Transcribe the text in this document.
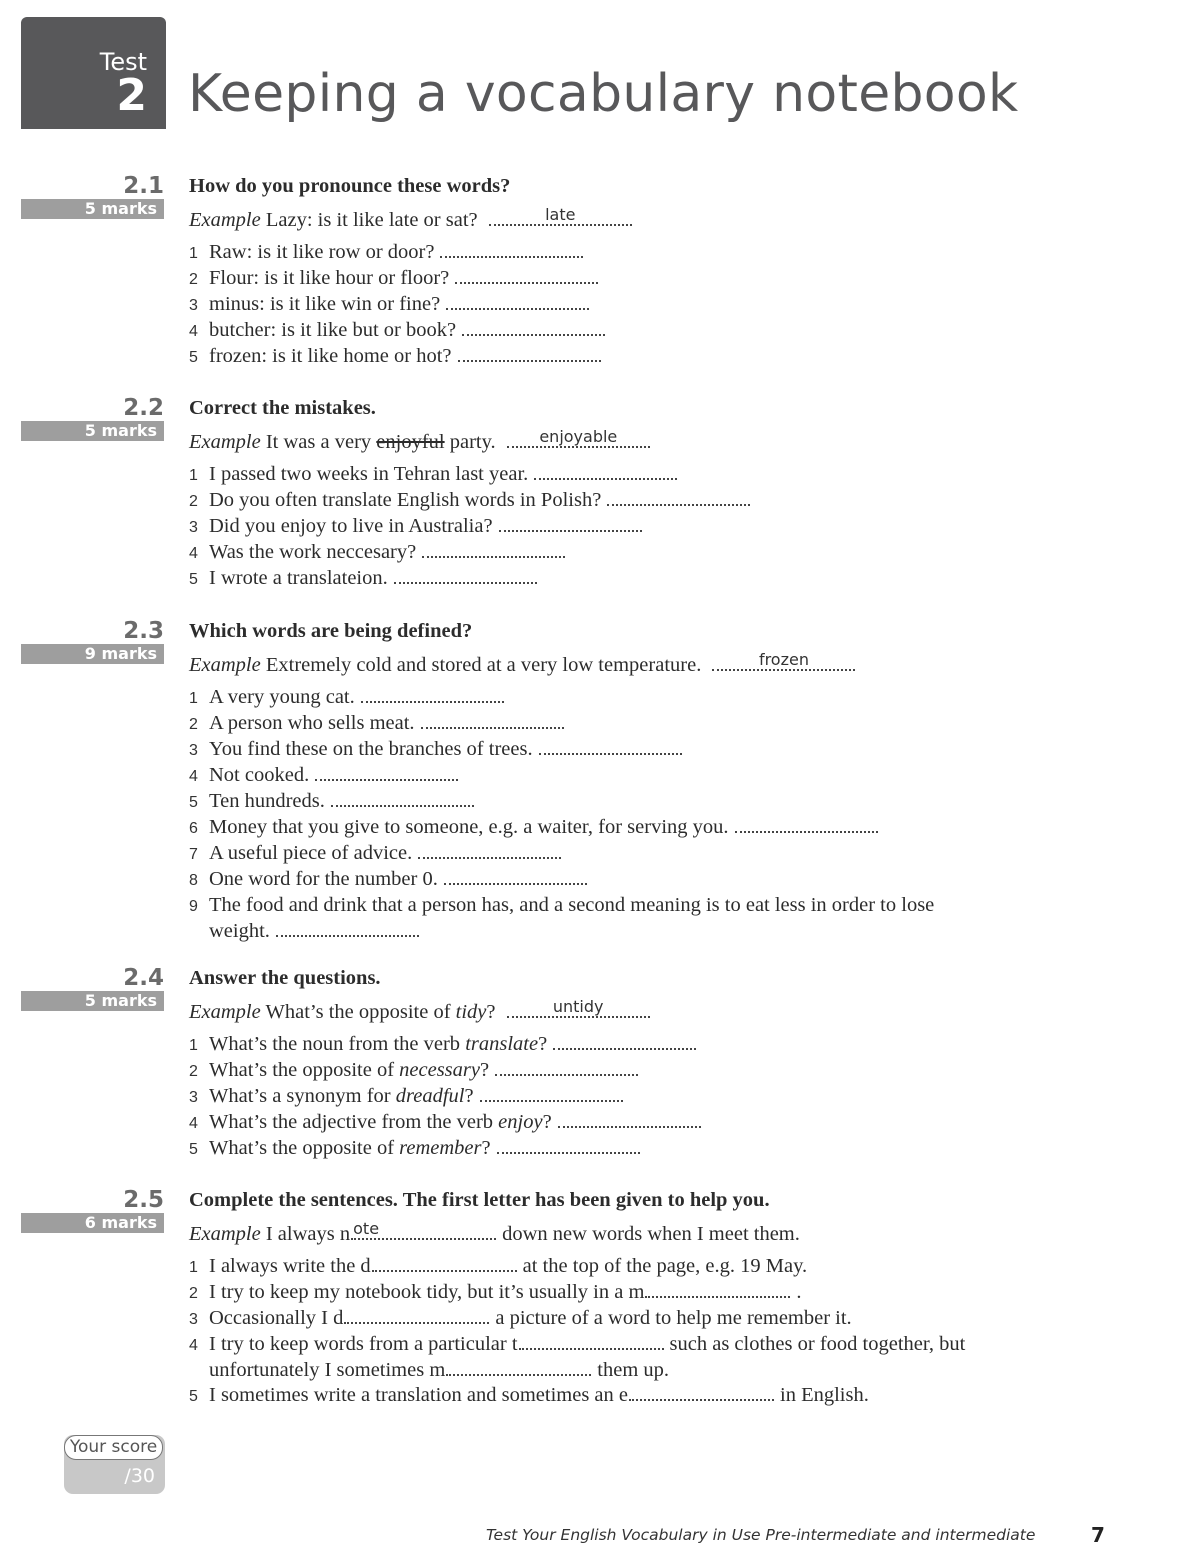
Test
2 Keeping a vocabulary notebook
2.1
5 marks

How do you pronounce these words?

Example Lazy: is it like late or sat?	late
1 Raw: is it like row or door?
2 Flour: is it like hour or floor?
3 minus: is it like win or fine?
4 butcher: is it like but or book?
5 frozen: is it like home or hot?
2.2
5 marks

Correct the mistakes.

Example It was a very enjoyful party.	enjoyable
1 I passed two weeks in Tehran last year.
2 Do you often translate English words in Polish?
3 Did you enjoy to live in Australia?
4 Was the work neccesary?
5 I wrote a translateion.
2.3
9 marks

Which words are being defined?

Example Extremely cold and stored at a very low temperature.	frozen
1 A very young cat.
2 A person who sells meat.
3 You find these on the branches of trees.
4 Not cooked.
5 Ten hundreds.
6 Money that you give to someone, e.g. a waiter, for serving you.
7 A useful piece of advice.
8 One word for the number 0.
9 The food and drink that a person has, and a second meaning is to eat less in order to lose
weight.
2.4
5 marks

Answer the questions.

Example What’s the opposite of tidy?	untidy
1 What’s the noun from the verb translate?
2 What’s the opposite of necessary?
3 What’s a synonym for dreadful?
4 What’s the adjective from the verb enjoy?
5 What’s the opposite of remember?
2.5
6 marks

Complete the sentences. The first letter has been given to help you.

Example I always n ote	down new words when I meet them.
1 I always write the d	at the top of the page, e.g. 19 May.
2 I try to keep my notebook tidy, but it’s usually in a m	.
3 Occasionally I d	a picture of a word to help me remember it.
4 I try to keep words from a particular t	such as clothes or food together, but
unfortunately I sometimes m	them up.
5 I sometimes write a translation and sometimes an e	in English.
Your score
/30
Test Your English Vocabulary in Use Pre-intermediate and intermediate	7
